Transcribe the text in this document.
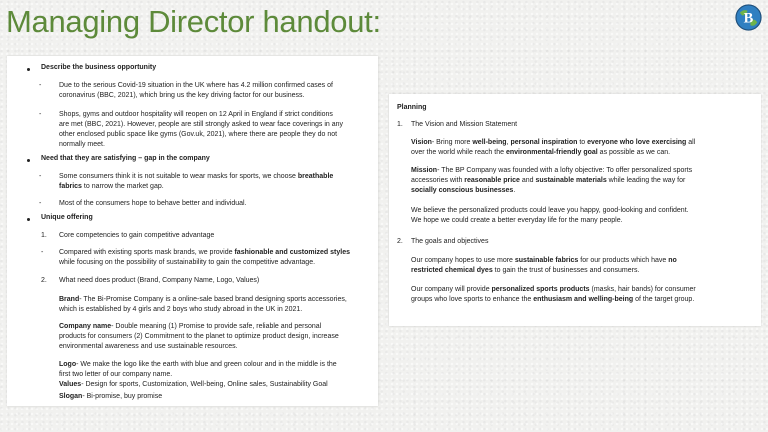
Managing Director handout:	B
Describe the business opportunity
-	Due to the serious Covid-19 situation in the UK where has 4.2 million confirmed cases of
coronavirus (BBC, 2021), which bring us the key driving factor for our business.
-	Shops, gyms and outdoor hospitality will reopen on 12 April in England if strict conditions
are met (BBC, 2021). However, people are still strongly asked to wear face coverings in any
other enclosed public space like gyms (Gov.uk, 2021), where there are people they do not
normally meet.
Need that they are satisfying – gap in the company
-	Some consumers think it is not suitable to wear masks for sports, we choose breathable
fabrics to narrow the market gap.
-	Most of the consumers hope to behave better and individual.
Unique offering
1. Core competencies to gain competitive advantage
- Compared with existing sports mask brands, we provide fashionable and customized styles
while focusing on the possibility of sustainability to gain the competitive advantage.
2. What need does product (Brand, Company Name, Logo, Values)
Brand- The Bi-Promise Company is a online-sale based brand designing sports accessories,
which is established by 4 girls and 2 boys who study abroad in the UK in 2021.
Company name- Double meaning (1) Promise to provide safe, reliable and personal
products for consumers (2) Commitment to the planet to optimize product design, increase
environmental awareness and use sustainable resources.
Logo- We make the logo like the earth with blue and green colour and in the middle is the
first two letter of our company name.
Values- Design for sports, Customization, Well-being, Online sales, Sustainability Goal
Slogan- Bi-promise, buy promise
Planning
1. The Vision and Mission Statement
Vision- Bring more well-being, personal inspiration to everyone who love exercising all
over the world while reach the environmental-friendly goal as possible as we can.
Mission- The BP Company was founded with a lofty objective: To offer personalized sports
accessories with reasonable price and sustainable materials while leading the way for
socially conscious businesses.
We believe the personalized products could leave you happy, good-looking and confident.
We hope we could create a better everyday life for the many people.
2. The goals and objectives
Our company hopes to use more sustainable fabrics for our products which have no
restricted chemical dyes to gain the trust of businesses and consumers.
Our company will provide personalized sports products (masks, hair bands) for consumer
groups who love sports to enhance the enthusiasm and welling-being of the target group.
